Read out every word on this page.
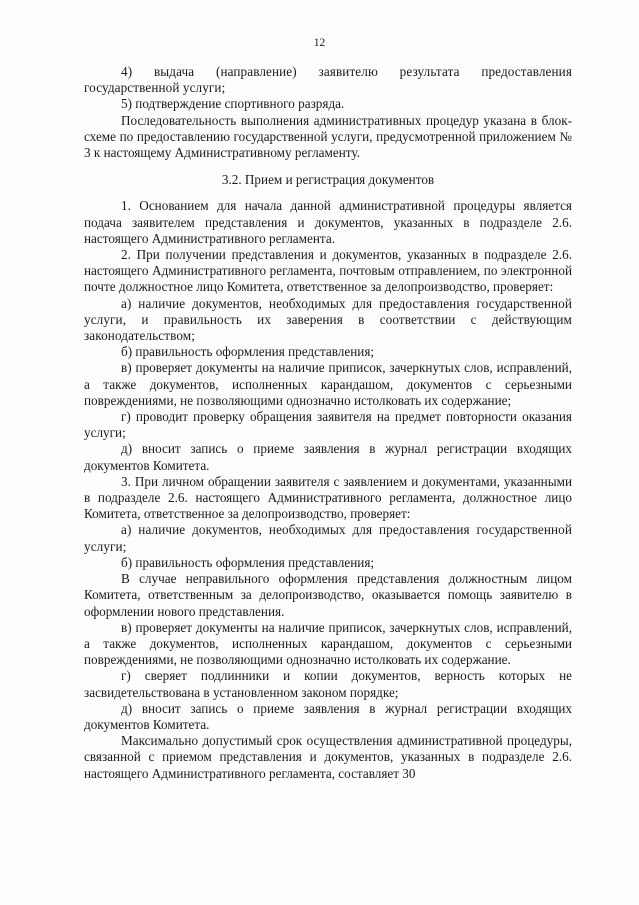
12

4) выдача (направление) заявителю результата предоставления государственной услуги;

5) подтверждение спортивного разряда.

Последовательность выполнения административных процедур указана в блок-схеме по предоставлению государственной услуги, предусмотренной приложением № 3 к настоящему Административному регламенту.

3.2. Прием и регистрация документов

1. Основанием для начала данной административной процедуры является подача заявителем представления и документов, указанных в подразделе 2.6. настоящего Административного регламента.

2. При получении представления и документов, указанных в подразделе 2.6. настоящего Административного регламента, почтовым отправлением, по электронной почте должностное лицо Комитета, ответственное за делопроизводство, проверяет:

а) наличие документов, необходимых для предоставления государственной услуги, и правильность их заверения в соответствии с действующим законодательством;

б) правильность оформления представления;

в) проверяет документы на наличие приписок, зачеркнутых слов, исправлений, а также документов, исполненных карандашом, документов с серьезными повреждениями, не позволяющими однозначно истолковать их содержание;

г) проводит проверку обращения заявителя на предмет повторности оказания услуги;

д) вносит запись о приеме заявления в журнал регистрации входящих документов Комитета.

3. При личном обращении заявителя с заявлением и документами, указанными в подразделе 2.6. настоящего Административного регламента, должностное лицо Комитета, ответственное за делопроизводство, проверяет:

а) наличие документов, необходимых для предоставления государственной услуги;

б) правильность оформления представления;

В случае неправильного оформления представления должностным лицом Комитета, ответственным за делопроизводство, оказывается помощь заявителю в оформлении нового представления.

в) проверяет документы на наличие приписок, зачеркнутых слов, исправлений, а также документов, исполненных карандашом, документов с серьезными повреждениями, не позволяющими однозначно истолковать их содержание.

г) сверяет подлинники и копии документов, верность которых не засвидетельствована в установленном законом порядке;

д) вносит запись о приеме заявления в журнал регистрации входящих документов Комитета.

Максимально допустимый срок осуществления административной процедуры, связанной с приемом представления и документов, указанных в подразделе 2.6. настоящего Административного регламента, составляет 30
